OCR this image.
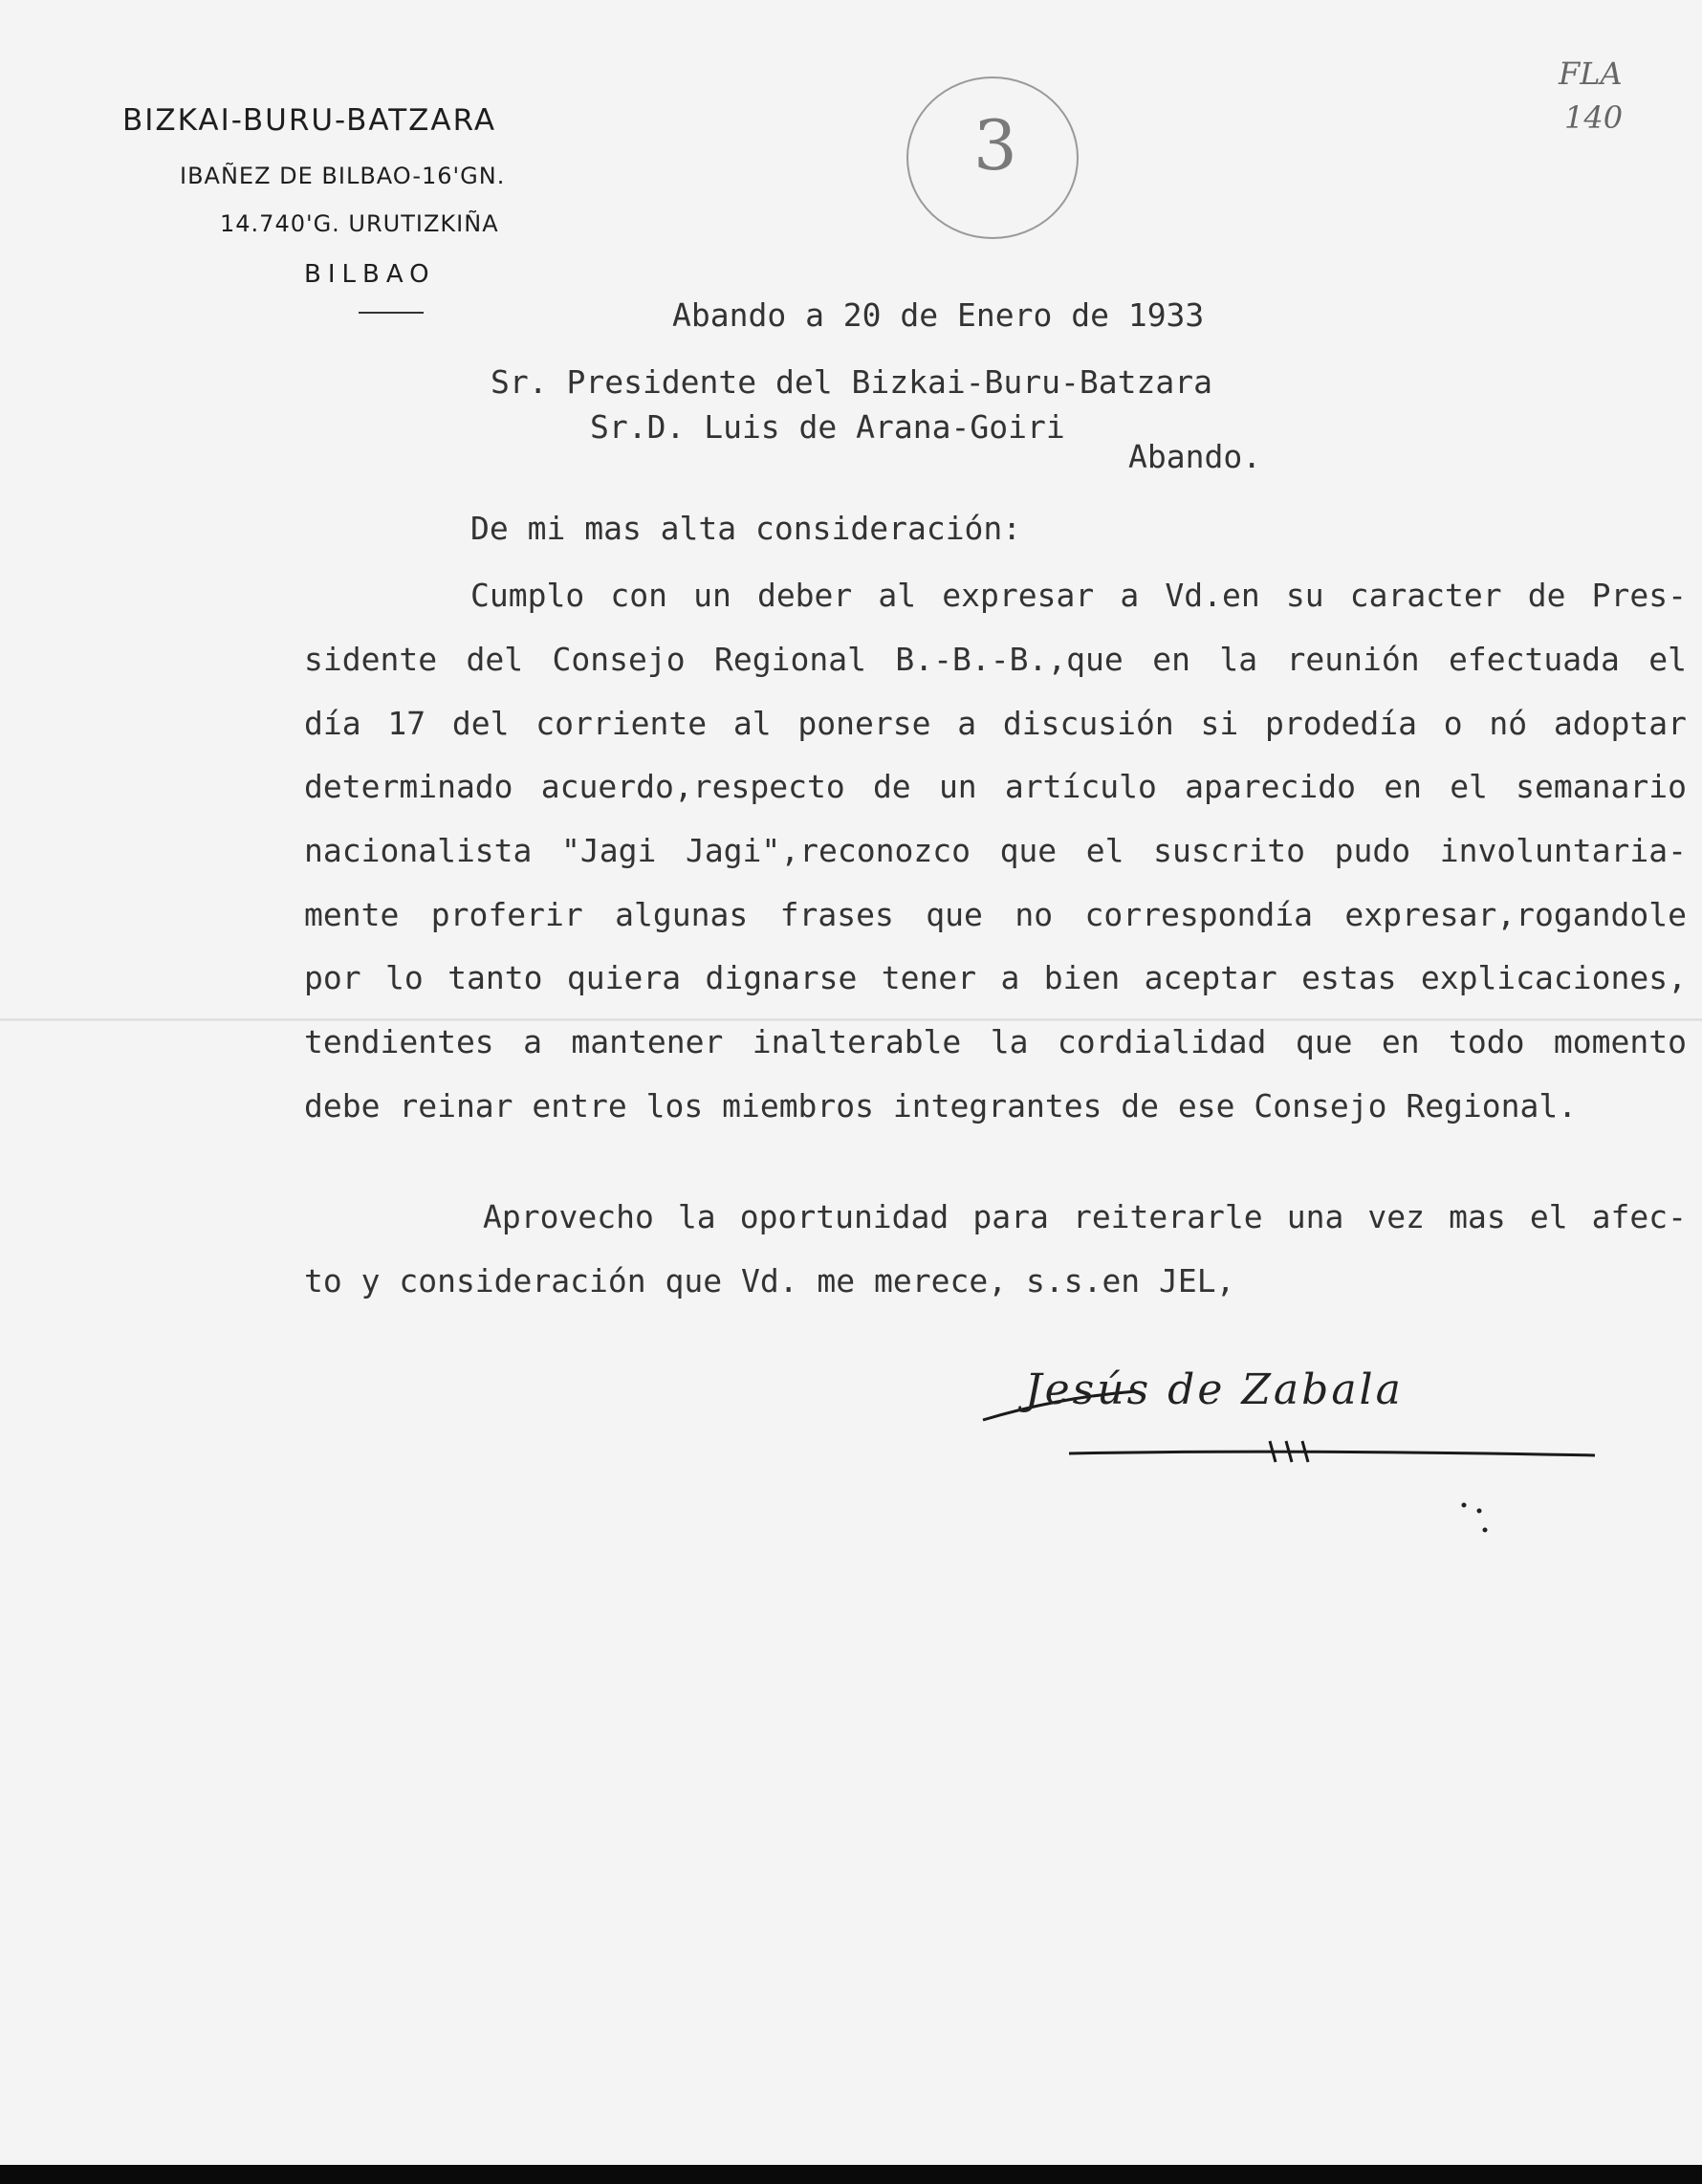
BIZKAI-BURU-BATZARA

IBAÑEZ DE BILBAO-16'GN.

14.740'G. URUTIZKIÑA

BILBAO

3

FLA

140

Abando a 20 de Enero de 1933

Sr. Presidente del Bizkai-Buru-Batzara

Sr.D. Luis de Arana-Goiri

Abando.

De mi mas alta consideración:

Cumplo con un deber al expresar a Vd.en su caracter de Pres-

sidente del Consejo Regional B.-B.-B.,que en la reunión efectuada el

día 17 del corriente al ponerse a discusión si prodedía o nó adoptar

determinado acuerdo,respecto de un artículo aparecido en el semanario

nacionalista "Jagi Jagi",reconozco que el suscrito pudo involuntaria-

mente proferir algunas frases que no correspondía expresar,rogandole

por lo tanto quiera dignarse tener a bien aceptar estas explicaciones,

tendientes a mantener inalterable la cordialidad que en todo momento

debe reinar entre los miembros integrantes de ese Consejo Regional.

Aprovecho la oportunidad para reiterarle una vez mas el afec-

to y consideración que Vd. me merece, s.s.en JEL,

Jesús de Zabala
